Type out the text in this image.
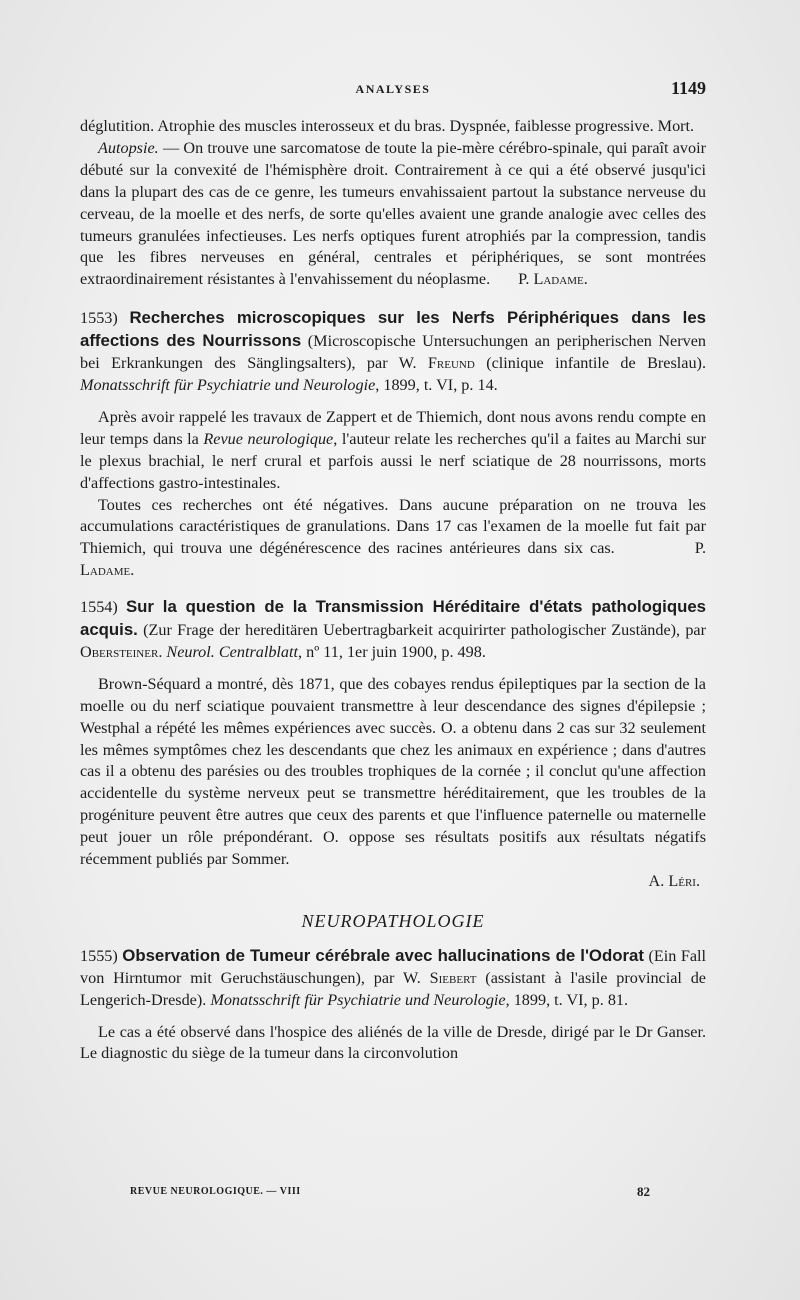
ANALYSES	1149

déglutition. Atrophie des muscles interosseux et du bras. Dyspnée, faiblesse progressive. Mort.

Autopsie. — On trouve une sarcomatose de toute la pie-mère cérébro-spinale, qui paraît avoir débuté sur la convexité de l'hémisphère droit. Contrairement à ce qui a été observé jusqu'ici dans la plupart des cas de ce genre, les tumeurs envahissaient partout la substance nerveuse du cerveau, de la moelle et des nerfs, de sorte qu'elles avaient une grande analogie avec celles des tumeurs granulées infectieuses. Les nerfs optiques furent atrophiés par la compression, tandis que les fibres nerveuses en général, centrales et périphériques, se sont montrées extraordinairement résistantes à l'envahissement du néoplasme. P. Ladame.

1553) Recherches microscopiques sur les Nerfs Périphériques dans les affections des Nourrissons (Microscopische Untersuchungen an peripherischen Nerven bei Erkrankungen des Sänglingsalters), par W. Freund (clinique infantile de Breslau). Monatsschrift für Psychiatrie und Neurologie, 1899, t. VI, p. 14.

Après avoir rappelé les travaux de Zappert et de Thiemich, dont nous avons rendu compte en leur temps dans la Revue neurologique, l'auteur relate les recherches qu'il a faites au Marchi sur le plexus brachial, le nerf crural et parfois aussi le nerf sciatique de 28 nourrissons, morts d'affections gastro-intestinales.

Toutes ces recherches ont été négatives. Dans aucune préparation on ne trouva les accumulations caractéristiques de granulations. Dans 17 cas l'examen de la moelle fut fait par Thiemich, qui trouva une dégénérescence des racines antérieures dans six cas.	P. Ladame.

1554) Sur la question de la Transmission Héréditaire d'états pathologiques acquis. (Zur Frage der hereditären Uebertragbarkeit acquirirter pathologischer Zustände), par Obersteiner. Neurol. Centralblatt, nº 11, 1er juin 1900, p. 498.

Brown-Séquard a montré, dès 1871, que des cobayes rendus épileptiques par la section de la moelle ou du nerf sciatique pouvaient transmettre à leur descendance des signes d'épilepsie ; Westphal a répété les mêmes expériences avec succès. O. a obtenu dans 2 cas sur 32 seulement les mêmes symptômes chez les descendants que chez les animaux en expérience ; dans d'autres cas il a obtenu des parésies ou des troubles trophiques de la cornée ; il conclut qu'une affection accidentelle du système nerveux peut se transmettre héréditairement, que les troubles de la progéniture peuvent être autres que ceux des parents et que l'influence paternelle ou maternelle peut jouer un rôle prépondérant. O. oppose ses résultats positifs aux résultats négatifs récemment publiés par Sommer.

A. Léri.

NEUROPATHOLOGIE

1555) Observation de Tumeur cérébrale avec hallucinations de l'Odorat (Ein Fall von Hirntumor mit Geruchstäuschungen), par W. Siebert (assistant à l'asile provincial de Lengerich-Dresde). Monatsschrift für Psychiatrie und Neurologie, 1899, t. VI, p. 81.

Le cas a été observé dans l'hospice des aliénés de la ville de Dresde, dirigé par le Dr Ganser. Le diagnostic du siège de la tumeur dans la circonvolution

REVUE NEUROLOGIQUE. — VIII	82
